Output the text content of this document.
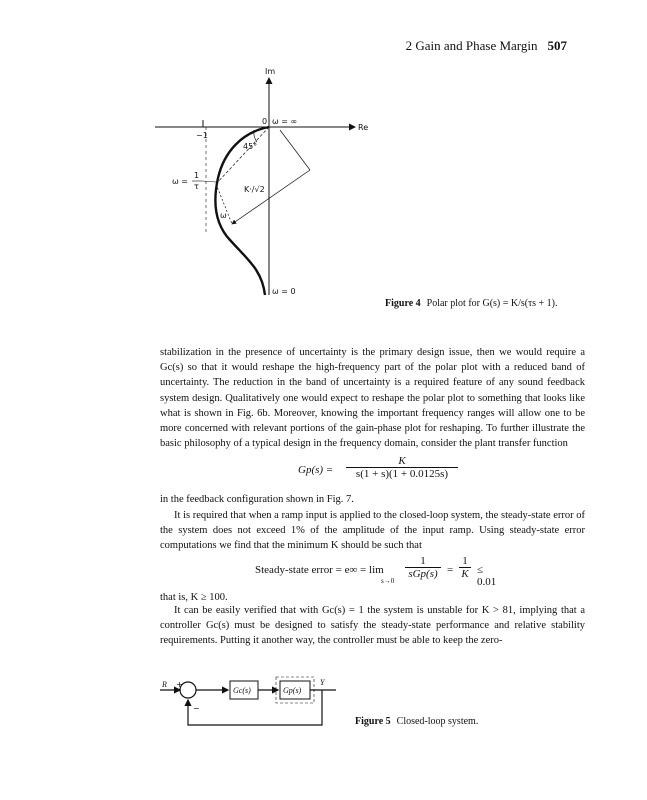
2 Gain and Phase Margin 507
Im
Re
−1
0 ω = ∞
45°
K·/√2
ω =
1
τ
ω
ω = 0
Figure 4 Polar plot for G(s) = K/s(τs + 1).
stabilization in the presence of uncertainty is the primary design issue, then we would require a Gc(s) so that it would reshape the high-frequency part of the polar plot with a reduced band of uncertainty. The reduction in the band of uncertainty is a required feature of any sound feedback system design. Qualitatively one would expect to reshape the polar plot to something that looks like what is shown in Fig. 6b. Moreover, knowing the important frequency ranges will allow one to be more concerned with relevant portions of the gain-phase plot for reshaping. To further illustrate the basic philosophy of a typical design in the frequency domain, consider the plant transfer function
$Gp(s) = \frac{K}{s(1 + s)(1 + 0.0125s)}$
in the feedback configuration shown in Fig. 7.
It is required that when a ramp input is applied to the closed-loop system, the steady-state error of the system does not exceed 1% of the amplitude of the input ramp. Using steady-state error computations we find that the minimum K should be such that
Steady-state error = e∞ = lim
s→0
1
$sGp(s) = \frac{1}{K} \le 0.01$
that is, K ≥ 100.
It can be easily verified that with Gc(s) = 1 the system is unstable for K > 81, implying that a controller Gc(s) must be designed to satisfy the steady-state performance and relative stability requirements. Putting it another way, the controller must be able to keep the zero-
R +
Gc(s)	Gp(s)
Y
−
Figure 5 Closed-loop system.
